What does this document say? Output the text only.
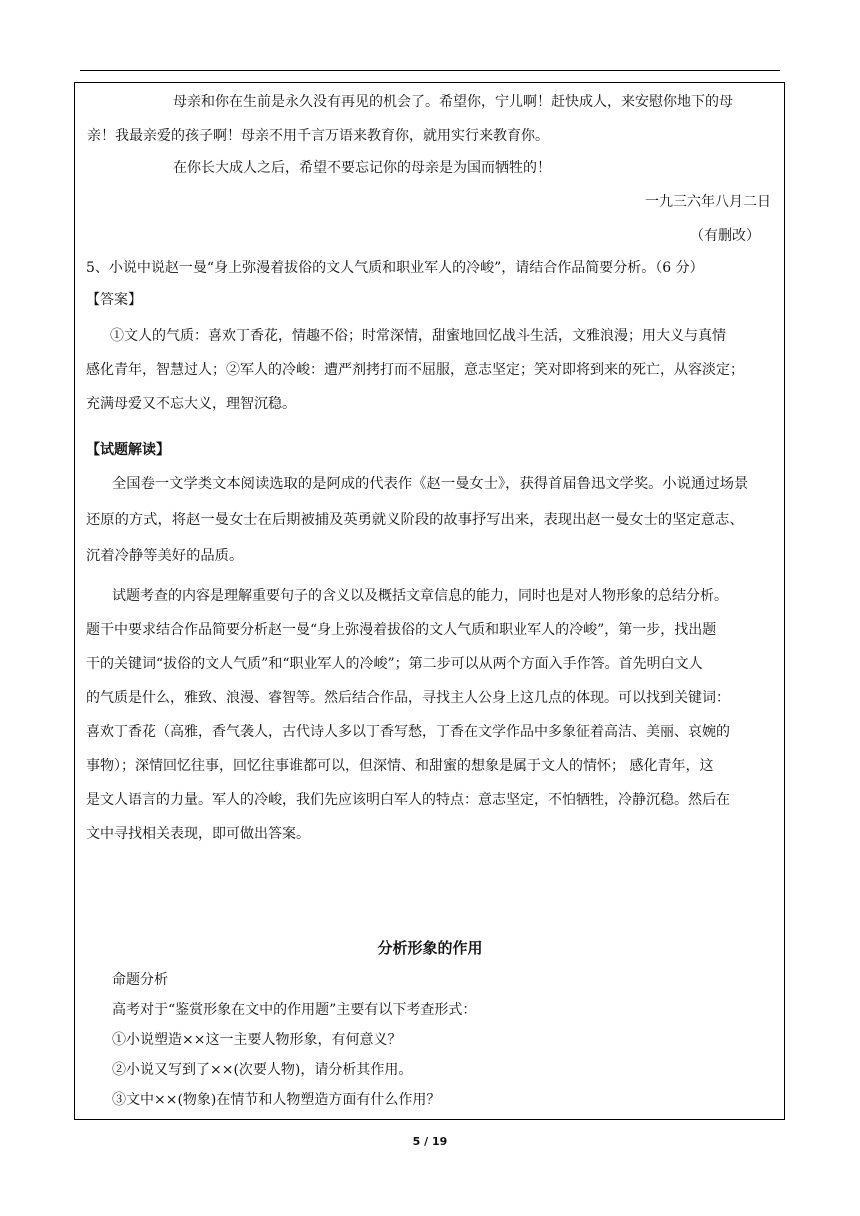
母亲和你在生前是永久没有再见的机会了。希望你，宁儿啊！赶快成人，来安慰你地下的母
亲！我最亲爱的孩子啊！母亲不用千言万语来教育你，就用实行来教育你。
在你长大成人之后，希望不要忘记你的母亲是为国而牺牲的！
一九三六年八月二日
（有删改）
5、小说中说赵一曼“身上弥漫着拔俗的文人气质和职业军人的冷峻”，请结合作品简要分析。（6 分）
【答案】
①文人的气质：喜欢丁香花，情趣不俗；时常深情，甜蜜地回忆战斗生活，文雅浪漫；用大义与真情
感化青年，智慧过人；②军人的冷峻：遭严剂拷打而不屈服，意志坚定；笑对即将到来的死亡，从容淡定；
充满母爱又不忘大义，理智沉稳。
【试题解读】
全国卷一文学类文本阅读选取的是阿成的代表作《赵一曼女士》，获得首届鲁迅文学奖。小说通过场景
还原的方式，将赵一曼女士在后期被捕及英勇就义阶段的故事抒写出来，表现出赵一曼女士的坚定意志、
沉着冷静等美好的品质。
试题考查的内容是理解重要句子的含义以及概括文章信息的能力，同时也是对人物形象的总结分析。
题干中要求结合作品简要分析赵一曼“身上弥漫着拔俗的文人气质和职业军人的冷峻”，第一步，找出题
干的关键词“拔俗的文人气质”和“职业军人的冷峻”；第二步可以从两个方面入手作答。首先明白文人
的气质是什么，雅致、浪漫、睿智等。然后结合作品，寻找主人公身上这几点的体现。可以找到关键词：
喜欢丁香花（高雅，香气袭人，古代诗人多以丁香写愁，丁香在文学作品中多象征着高洁、美丽、哀婉的
事物）；深情回忆往事，回忆往事谁都可以，但深情、和甜蜜的想象是属于文人的情怀； 感化青年，这
是文人语言的力量。军人的冷峻，我们先应该明白军人的特点：意志坚定，不怕牺牲，冷静沉稳。然后在
文中寻找相关表现，即可做出答案。
分析形象的作用
命题分析
高考对于“鉴赏形象在文中的作用题”主要有以下考查形式：
①小说塑造××这一主要人物形象，有何意义？
②小说又写到了××(次要人物)，请分析其作用。
③文中××(物象)在情节和人物塑造方面有什么作用？
5 / 19
